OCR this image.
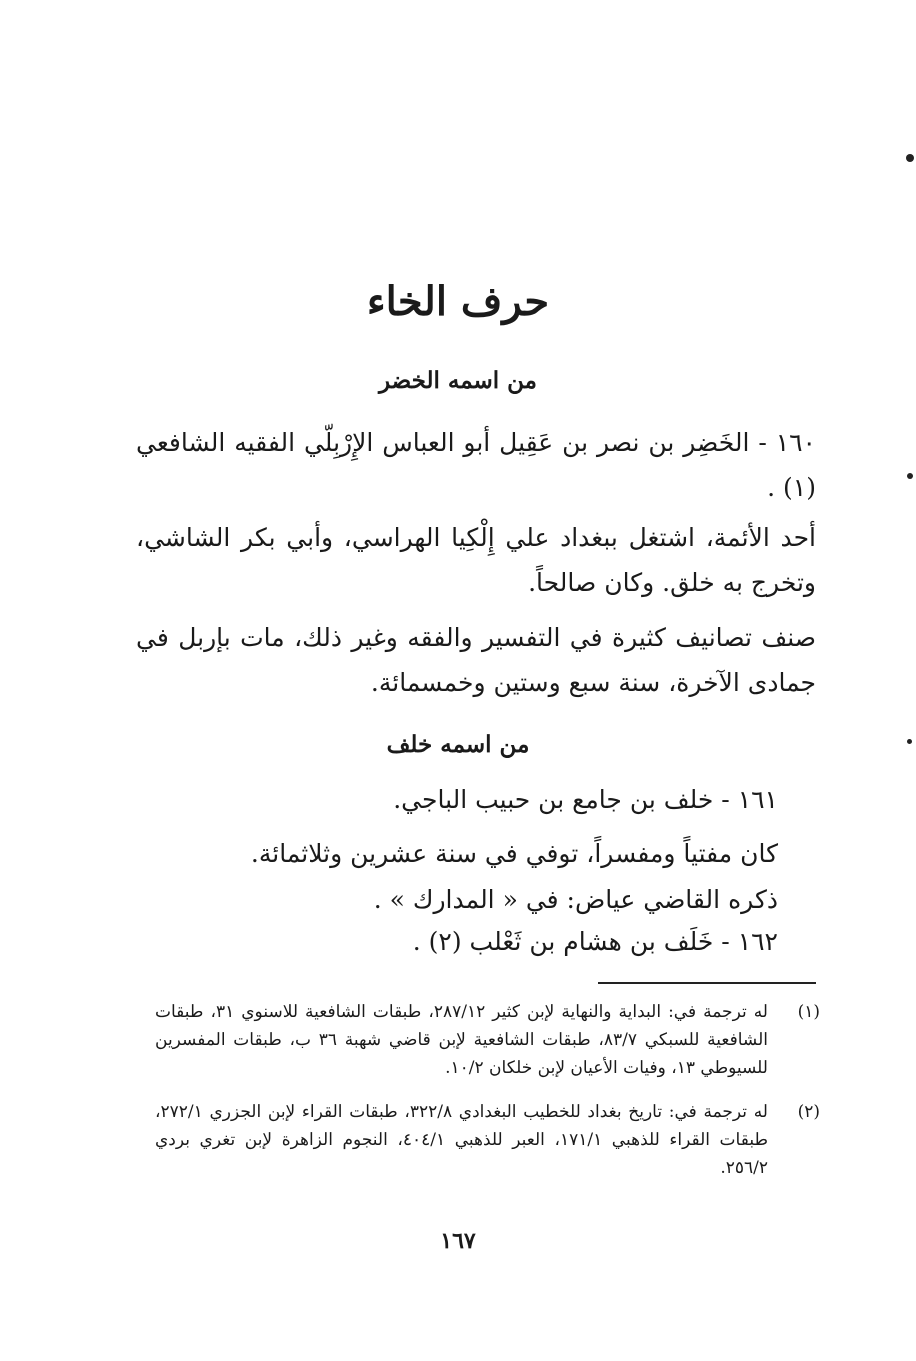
حرف الخاء
من اسمه الخضر
١٦٠ - الخَضِر بن نصر بن عَقِيل أبو العباس الإِرْبِلّي الفقيه الشافعي (١) .
أحد الأئمة، اشتغل ببغداد علي إِلْكِيا الهراسي، وأبي بكر الشاشي، وتخرج به خلق. وكان صالحاً.
صنف تصانيف كثيرة في التفسير والفقه وغير ذلك، مات بإربل في جمادى الآخرة، سنة سبع وستين وخمسمائة.
من اسمه خلف
١٦١ - خلف بن جامع بن حبيب الباجي.
كان مفتياً ومفسراً، توفي في سنة عشرين وثلاثمائة.
ذكره القاضي عياض: في « المدارك » .
١٦٢ - خَلَف بن هشام بن ثَعْلب (٢) .
(١)
له ترجمة في: البداية والنهاية لإبن كثير ٢٨٧/١٢، طبقات الشافعية للاسنوي ٣١، طبقات الشافعية للسبكي ٨٣/٧، طبقات الشافعية لإبن قاضي شهبة ٣٦ ب، طبقات المفسرين للسيوطي ١٣، وفيات الأعيان لإبن خلكان ١٠/٢.
(٢)
له ترجمة في: تاريخ بغداد للخطيب البغدادي ٣٢٢/٨، طبقات القراء لإبن الجزري ٢٧٢/١، طبقات القراء للذهبي ١٧١/١، العبر للذهبي ٤٠٤/١، النجوم الزاهرة لإبن تغري بردي ٢٥٦/٢.
١٦٧
